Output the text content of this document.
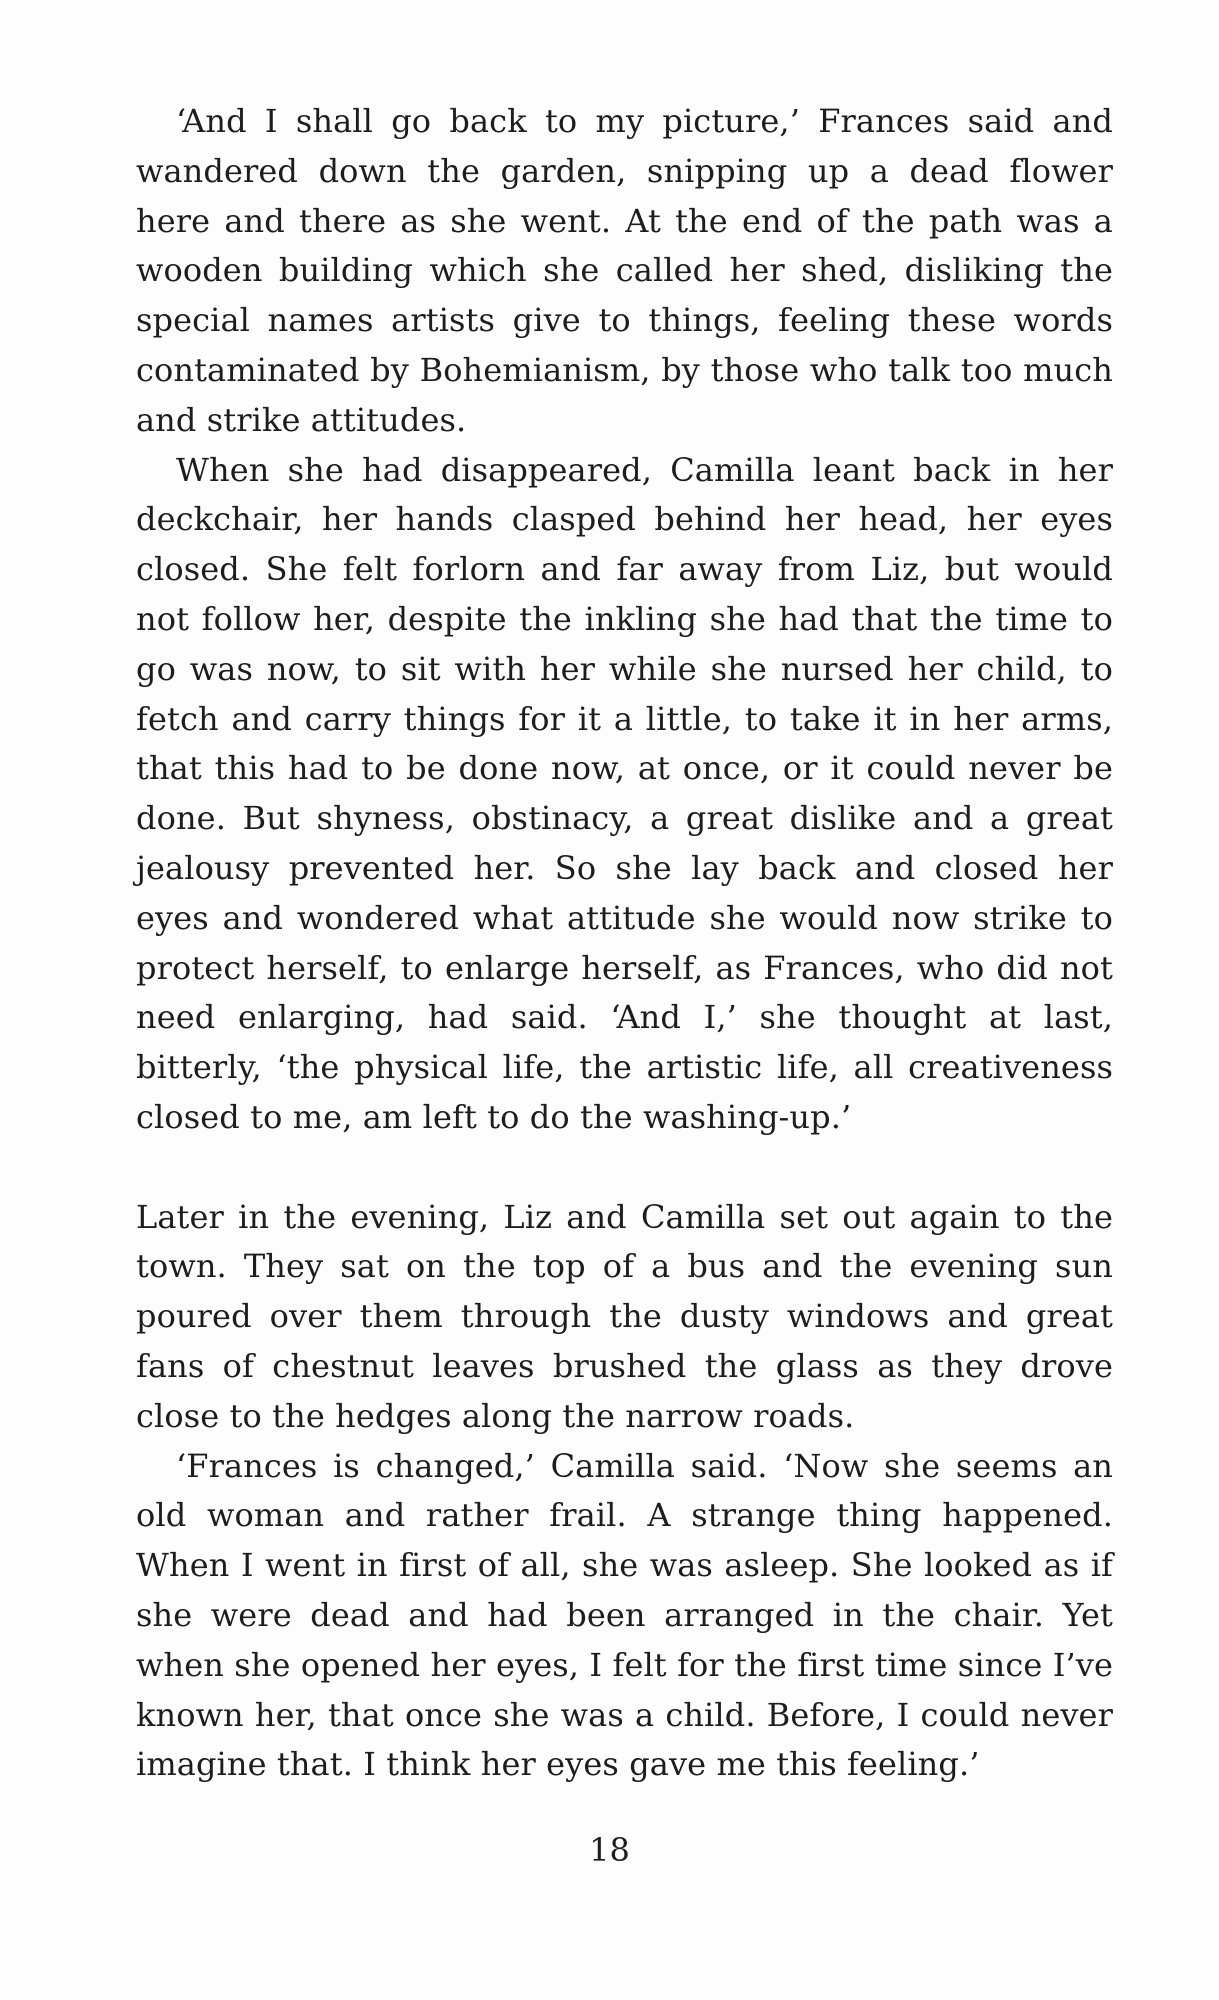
‘And I shall go back to my picture,’ Frances said and wandered down the garden, snipping up a dead flower here and there as she went. At the end of the path was a wooden building which she called her shed, disliking the special names artists give to things, feeling these words contaminated by Bohemianism, by those who talk too much and strike attitudes.

When she had disappeared, Camilla leant back in her deckchair, her hands clasped behind her head, her eyes closed. She felt forlorn and far away from Liz, but would not follow her, despite the inkling she had that the time to go was now, to sit with her while she nursed her child, to fetch and carry things for it a little, to take it in her arms, that this had to be done now, at once, or it could never be done. But shyness, obstinacy, a great dislike and a great jealousy prevented her. So she lay back and closed her eyes and wondered what attitude she would now strike to protect herself, to enlarge herself, as Frances, who did not need enlarging, had said. ‘And I,’ she thought at last, bitterly, ‘the physical life, the artistic life, all creativeness closed to me, am left to do the washing-up.’

Later in the evening, Liz and Camilla set out again to the town. They sat on the top of a bus and the evening sun poured over them through the dusty windows and great fans of chestnut leaves brushed the glass as they drove close to the hedges along the narrow roads.

‘Frances is changed,’ Camilla said. ‘Now she seems an old woman and rather frail. A strange thing happened. When I went in first of all, she was asleep. She looked as if she were dead and had been arranged in the chair. Yet when she opened her eyes, I felt for the first time since I’ve known her, that once she was a child. Before, I could never imagine that. I think her eyes gave me this feeling.’

18
